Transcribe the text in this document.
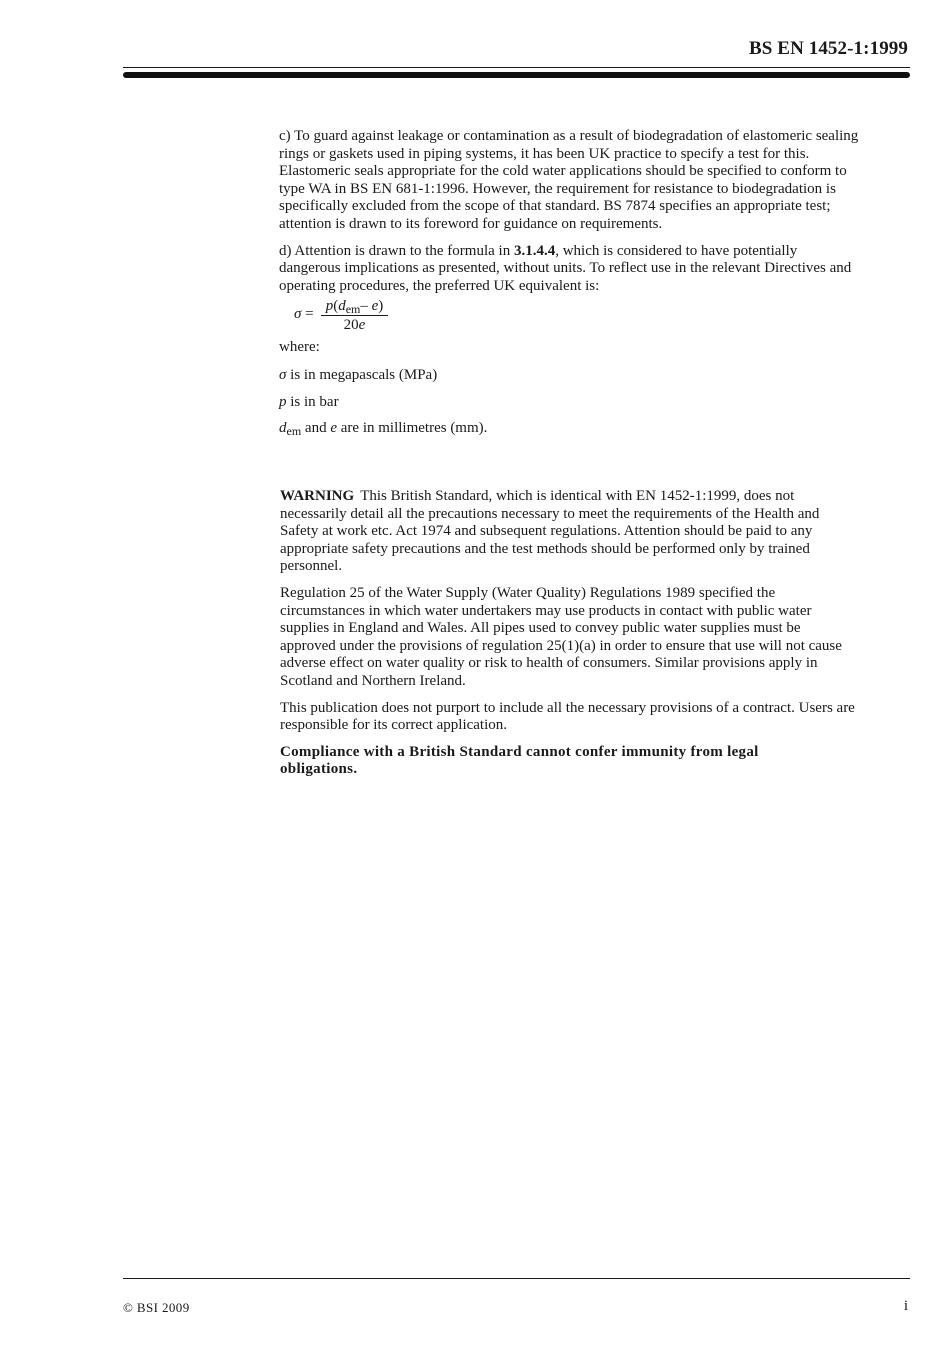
BS EN 1452-1:1999

c) To guard against leakage or contamination as a result of biodegradation of elastomeric sealing rings or gaskets used in piping systems, it has been UK practice to specify a test for this. Elastomeric seals appropriate for the cold water applications should be specified to conform to type WA in BS EN 681-1:1996. However, the requirement for resistance to biodegradation is specifically excluded from the scope of that standard. BS 7874 specifies an appropriate test; attention is drawn to its foreword for guidance on requirements.

d) Attention is drawn to the formula in 3.1.4.4, which is considered to have potentially dangerous implications as presented, without units. To reflect use in the relevant Directives and operating procedures, the preferred UK equivalent is:

$\sigma = p(d_{em}-$ e)
20e

where:

σ is in megapascals (MPa)

p is in bar

$d_{em}$ and e are in millimetres (mm).

WARNING This British Standard, which is identical with EN 1452-1:1999, does not necessarily detail all the precautions necessary to meet the requirements of the Health and Safety at work etc. Act 1974 and subsequent regulations. Attention should be paid to any appropriate safety precautions and the test methods should be performed only by trained personnel.

Regulation 25 of the Water Supply (Water Quality) Regulations 1989 specified the circumstances in which water undertakers may use products in contact with public water supplies in England and Wales. All pipes used to convey public water supplies must be approved under the provisions of regulation 25(1)(a) in order to ensure that use will not cause adverse effect on water quality or risk to health of consumers. Similar provisions apply in Scotland and Northern Ireland.

This publication does not purport to include all the necessary provisions of a contract. Users are responsible for its correct application.

Compliance with a British Standard cannot confer immunity from legal obligations.

© BSI 2009	i
